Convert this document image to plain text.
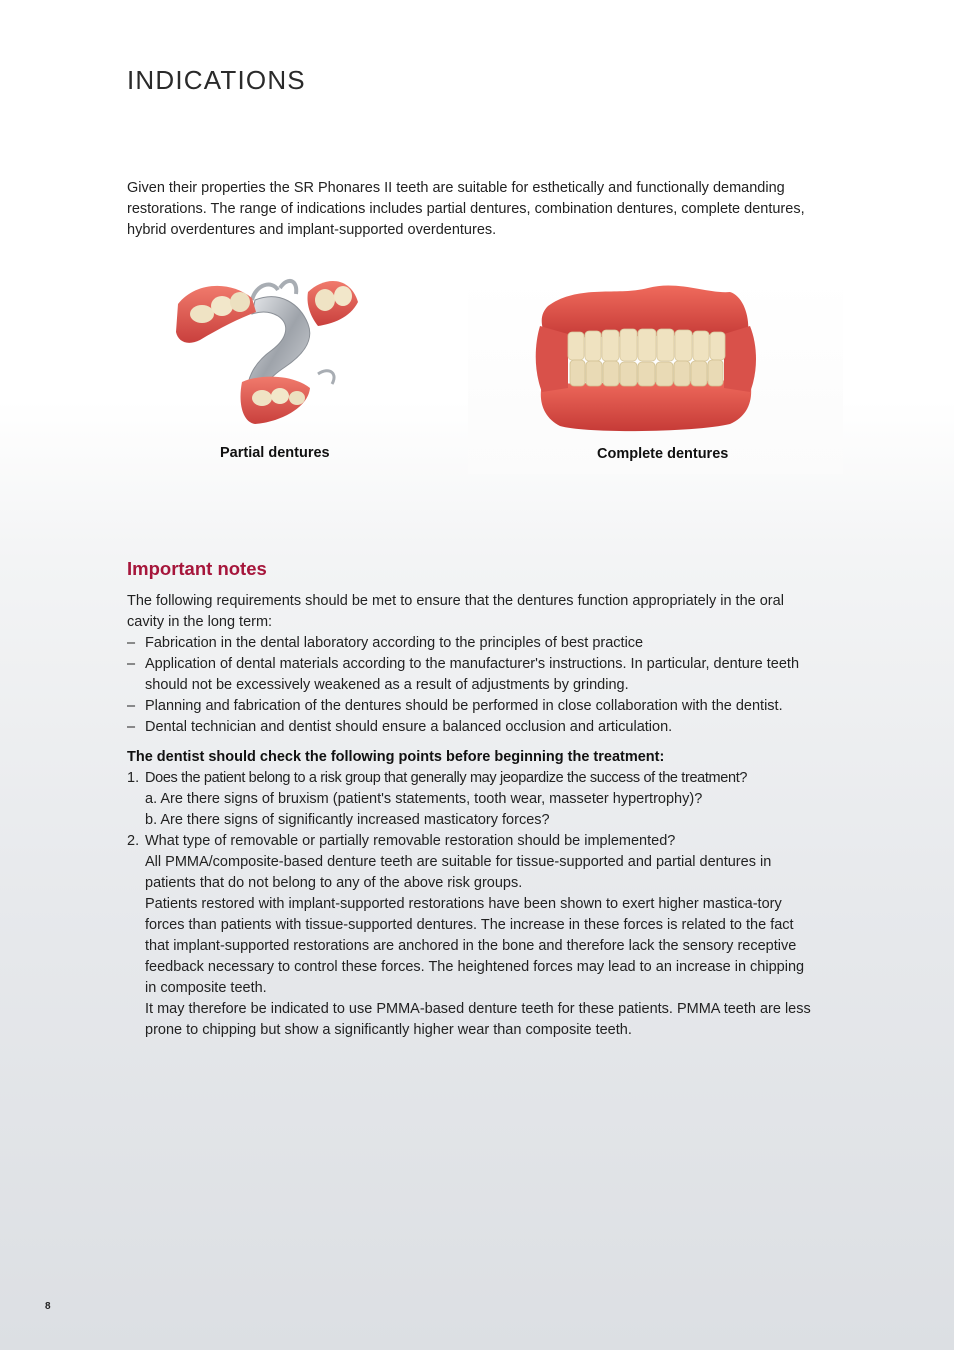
INDICATIONS

Given their properties the SR Phonares II teeth are suitable for esthetically and functionally demanding restorations. The range of indications includes partial dentures, combination dentures, complete dentures, hybrid overdentures and implant-supported overdentures.

Partial dentures	Complete dentures
Important notes

The following requirements should be met to ensure that the dentures function appropriately in the oral cavity in the long term:

– Fabrication in the dental laboratory according to the principles of best practice
– Application of dental materials according to the manufacturer's instructions. In particular, denture teeth should not be excessively weakened as a result of adjustments by grinding.
– Planning and fabrication of the dentures should be performed in close collaboration with the dentist.
– Dental technician and dentist should ensure a balanced occlusion and articulation.

The dentist should check the following points before beginning the treatment:

1. Does the patient belong to a risk group that generally may jeopardize the success of the treatment?
a. Are there signs of bruxism (patient's statements, tooth wear, masseter hypertrophy)?
b. Are there signs of significantly increased masticatory forces?
2. What type of removable or partially removable restoration should be implemented?
All PMMA/composite-based denture teeth are suitable for tissue-supported and partial dentures in patients that do not belong to any of the above risk groups.
Patients restored with implant-supported restorations have been shown to exert higher mastica-tory forces than patients with tissue-supported dentures. The increase in these forces is related to the fact that implant-supported restorations are anchored in the bone and therefore lack the sensory receptive feedback necessary to control these forces. The heightened forces may lead to an increase in chipping in composite teeth.
It may therefore be indicated to use PMMA-based denture teeth for these patients. PMMA teeth are less prone to chipping but show a significantly higher wear than composite teeth.
8
